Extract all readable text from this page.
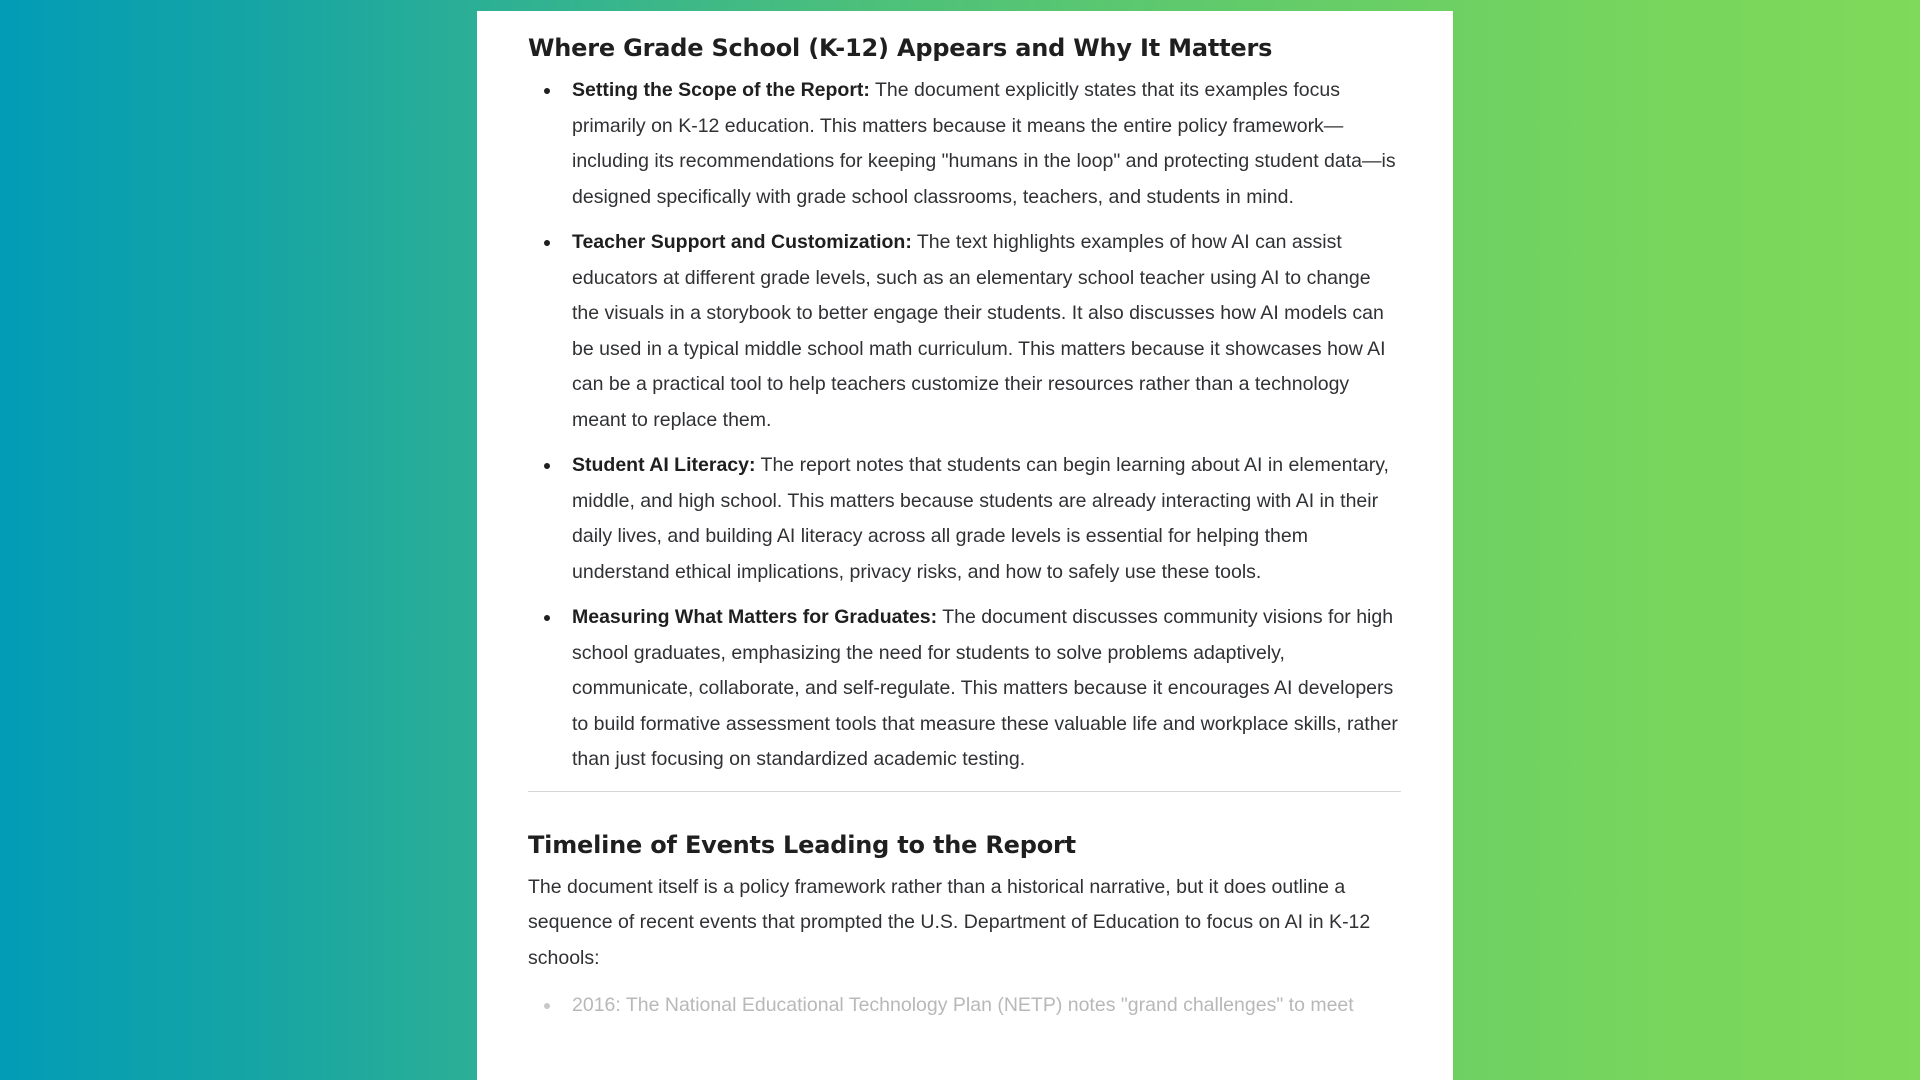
Where Grade School (K-12) Appears and Why It Matters
Setting the Scope of the Report: The document explicitly states that its examples focus primarily on K-12 education. This matters because it means the entire policy framework—including its recommendations for keeping "humans in the loop" and protecting student data—is designed specifically with grade school classrooms, teachers, and students in mind.
Teacher Support and Customization: The text highlights examples of how AI can assist educators at different grade levels, such as an elementary school teacher using AI to change the visuals in a storybook to better engage their students. It also discusses how AI models can be used in a typical middle school math curriculum. This matters because it showcases how AI can be a practical tool to help teachers customize their resources rather than a technology meant to replace them.
Student AI Literacy: The report notes that students can begin learning about AI in elementary, middle, and high school. This matters because students are already interacting with AI in their daily lives, and building AI literacy across all grade levels is essential for helping them understand ethical implications, privacy risks, and how to safely use these tools.
Measuring What Matters for Graduates: The document discusses community visions for high school graduates, emphasizing the need for students to solve problems adaptively, communicate, collaborate, and self-regulate. This matters because it encourages AI developers to build formative assessment tools that measure these valuable life and workplace skills, rather than just focusing on standardized academic testing.
Timeline of Events Leading to the Report

The document itself is a policy framework rather than a historical narrative, but it does outline a sequence of recent events that prompted the U.S. Department of Education to focus on AI in K-12 schools:

2016: The National Educational Technology Plan (NETP) notes "grand challenges" to meet
